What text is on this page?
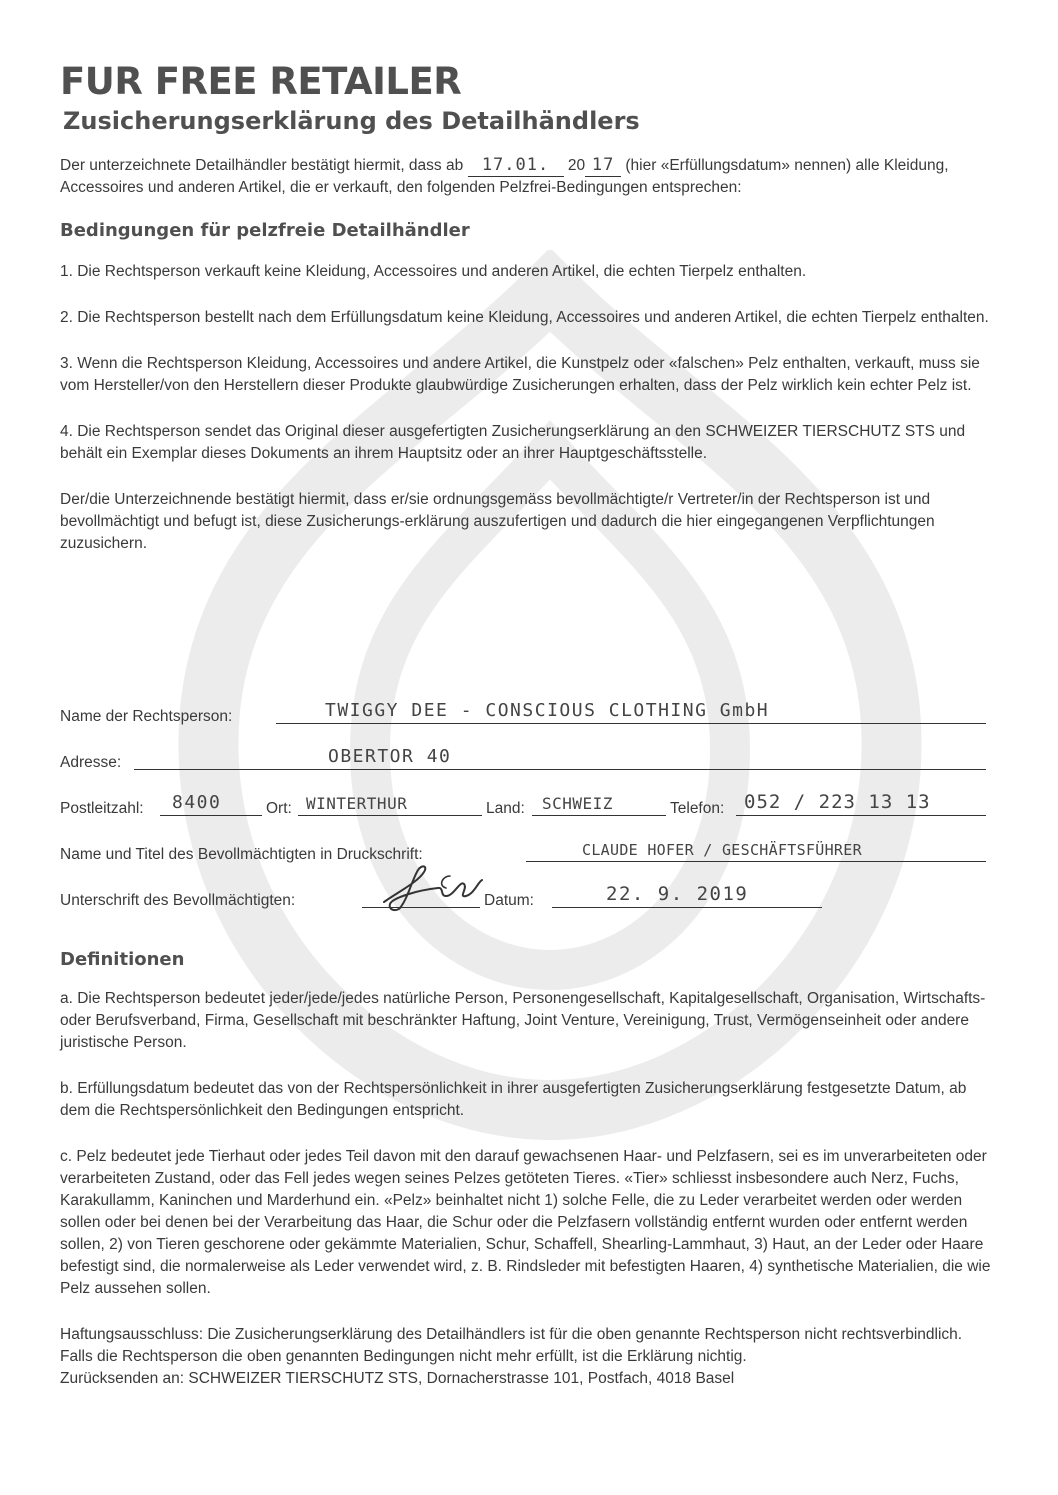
FUR FREE RETAILER
Zusicherungserklärung des Detailhändlers

Der unterzeichnete Detailhändler bestätigt hiermit, dass ab 17.01. 20 17 (hier «Erfüllungsdatum» nennen) alle Kleidung, Accessoires und anderen Artikel, die er verkauft, den folgenden Pelzfrei-Bedingungen entsprechen:

Bedingungen für pelzfreie Detailhändler

1. Die Rechtsperson verkauft keine Kleidung, Accessoires und anderen Artikel, die echten Tierpelz enthalten.

2. Die Rechtsperson bestellt nach dem Erfüllungsdatum keine Kleidung, Accessoires und anderen Artikel, die echten Tierpelz enthalten.

3. Wenn die Rechtsperson Kleidung, Accessoires und andere Artikel, die Kunstpelz oder «falschen» Pelz enthalten, verkauft, muss sie vom Hersteller/von den Herstellern dieser Produkte glaubwürdige Zusicherungen erhalten, dass der Pelz wirklich kein echter Pelz ist.

4. Die Rechtsperson sendet das Original dieser ausgefertigten Zusicherungserklärung an den SCHWEIZER TIERSCHUTZ STS und behält ein Exemplar dieses Dokuments an ihrem Hauptsitz oder an ihrer Hauptgeschäftsstelle.

Der/die Unterzeichnende bestätigt hiermit, dass er/sie ordnungsgemäss bevollmächtigte/r Vertreter/in der Rechtsperson ist und bevollmächtigt und befugt ist, diese Zusicherungs-erklärung auszufertigen und dadurch die hier eingegangenen Verpflichtungen zuzusichern.

Name der Rechtsperson:	TWIGGY DEE - CONSCIOUS CLOTHING GmbH
Adresse:	OBERTOR 40
Postleitzahl: 8400	Ort: WINTERTHUR	Land: SCHWEIZ	Telefon: 052 / 223 13 13
Name und Titel des Bevollmächtigten in Druckschrift:	CLAUDE HOFER / GESCHÄFTSFÜHRER
Unterschrift des Bevollmächtigten:	Datum:	22. 9. 2019
Definitionen

a. Die Rechtsperson bedeutet jeder/jede/jedes natürliche Person, Personengesellschaft, Kapitalgesellschaft, Organisation, Wirtschafts- oder Berufsverband, Firma, Gesellschaft mit beschränkter Haftung, Joint Venture, Vereinigung, Trust, Vermögenseinheit oder andere juristische Person.

b. Erfüllungsdatum bedeutet das von der Rechtspersönlichkeit in ihrer ausgefertigten Zusicherungserklärung festgesetzte Datum, ab dem die Rechtspersönlichkeit den Bedingungen entspricht.

c. Pelz bedeutet jede Tierhaut oder jedes Teil davon mit den darauf gewachsenen Haar- und Pelzfasern, sei es im unverarbeiteten oder verarbeiteten Zustand, oder das Fell jedes wegen seines Pelzes getöteten Tieres. «Tier» schliesst insbesondere auch Nerz, Fuchs, Karakullamm, Kaninchen und Marderhund ein. «Pelz» beinhaltet nicht 1) solche Felle, die zu Leder verarbeitet werden oder werden sollen oder bei denen bei der Verarbeitung das Haar, die Schur oder die Pelzfasern vollständig entfernt wurden oder entfernt werden sollen, 2) von Tieren geschorene oder gekämmte Materialien, Schur, Schaffell, Shearling-Lammhaut, 3) Haut, an der Leder oder Haare befestigt sind, die normalerweise als Leder verwendet wird, z. B. Rindsleder mit befestigten Haaren, 4) synthetische Materialien, die wie Pelz aussehen sollen.

Haftungsausschluss: Die Zusicherungserklärung des Detailhändlers ist für die oben genannte Rechtsperson nicht rechtsverbindlich. Falls die Rechtsperson die oben genannten Bedingungen nicht mehr erfüllt, ist die Erklärung nichtig.

Zurücksenden an: SCHWEIZER TIERSCHUTZ STS, Dornacherstrasse 101, Postfach, 4018 Basel
